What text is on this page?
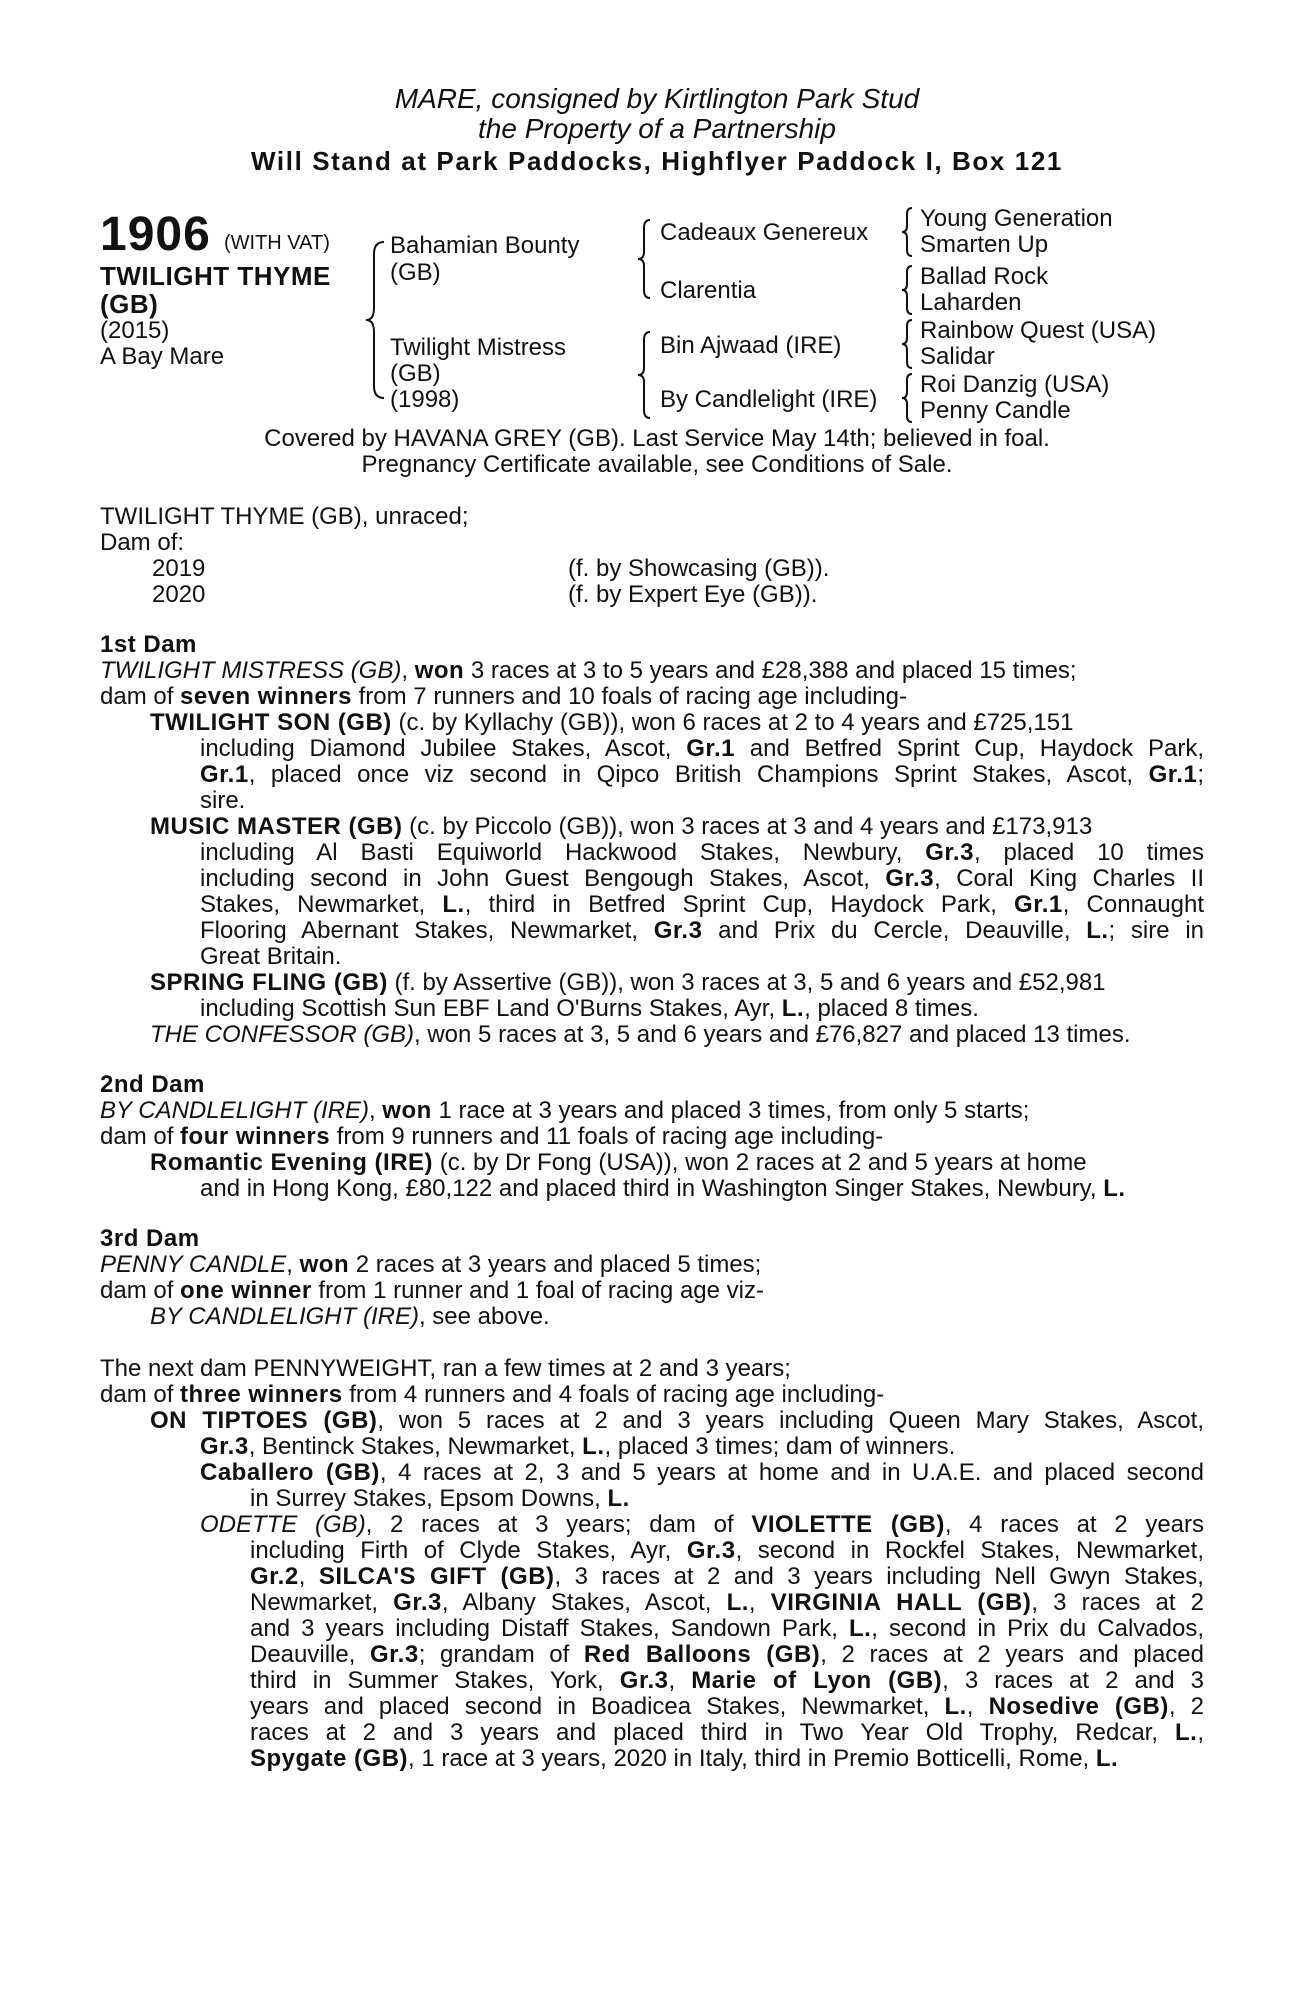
MARE, consigned by Kirtlington Park Stud
the Property of a Partnership
Will Stand at Park Paddocks, Highflyer Paddock I, Box 121
1906 (WITH VAT)
TWILIGHT THYME (GB)
(2015)
A Bay Mare
Bahamian Bounty
(GB)
Twilight Mistress
(GB)
(1998)
Cadeaux Genereux
Clarentia
Bin Ajwaad (IRE)
By Candlelight (IRE)
Young Generation
Smarten Up
Ballad Rock
Laharden
Rainbow Quest (USA)
Salidar
Roi Danzig (USA)
Penny Candle
Covered by HAVANA GREY (GB). Last Service May 14th; believed in foal.
Pregnancy Certificate available, see Conditions of Sale.
TWILIGHT THYME (GB), unraced;
Dam of:
2019	(f. by Showcasing (GB)).
2020	(f. by Expert Eye (GB)).
1st Dam
TWILIGHT MISTRESS (GB), won 3 races at 3 to 5 years and £28,388 and placed 15 times;
dam of seven winners from 7 runners and 10 foals of racing age including-
TWILIGHT SON (GB) (c. by Kyllachy (GB)), won 6 races at 2 to 4 years and £725,151
including Diamond Jubilee Stakes, Ascot, Gr.1 and Betfred Sprint Cup, Haydock Park,
Gr.1, placed once viz second in Qipco British Champions Sprint Stakes, Ascot, Gr.1;
sire.
MUSIC MASTER (GB) (c. by Piccolo (GB)), won 3 races at 3 and 4 years and £173,913
including Al Basti Equiworld Hackwood Stakes, Newbury, Gr.3, placed 10 times
including second in John Guest Bengough Stakes, Ascot, Gr.3, Coral King Charles II
Stakes, Newmarket, L., third in Betfred Sprint Cup, Haydock Park, Gr.1, Connaught
Flooring Abernant Stakes, Newmarket, Gr.3 and Prix du Cercle, Deauville, L.; sire in
Great Britain.
SPRING FLING (GB) (f. by Assertive (GB)), won 3 races at 3, 5 and 6 years and £52,981
including Scottish Sun EBF Land O'Burns Stakes, Ayr, L., placed 8 times.
THE CONFESSOR (GB), won 5 races at 3, 5 and 6 years and £76,827 and placed 13 times.
2nd Dam
BY CANDLELIGHT (IRE), won 1 race at 3 years and placed 3 times, from only 5 starts;
dam of four winners from 9 runners and 11 foals of racing age including-
Romantic Evening (IRE) (c. by Dr Fong (USA)), won 2 races at 2 and 5 years at home
and in Hong Kong, £80,122 and placed third in Washington Singer Stakes, Newbury, L.
3rd Dam
PENNY CANDLE, won 2 races at 3 years and placed 5 times;
dam of one winner from 1 runner and 1 foal of racing age viz-
BY CANDLELIGHT (IRE), see above.
The next dam PENNYWEIGHT, ran a few times at 2 and 3 years;
dam of three winners from 4 runners and 4 foals of racing age including-
ON TIPTOES (GB), won 5 races at 2 and 3 years including Queen Mary Stakes, Ascot,
Gr.3, Bentinck Stakes, Newmarket, L., placed 3 times; dam of winners.
Caballero (GB), 4 races at 2, 3 and 5 years at home and in U.A.E. and placed second
in Surrey Stakes, Epsom Downs, L.
ODETTE (GB), 2 races at 3 years; dam of VIOLETTE (GB), 4 races at 2 years
including Firth of Clyde Stakes, Ayr, Gr.3, second in Rockfel Stakes, Newmarket,
Gr.2, SILCA'S GIFT (GB), 3 races at 2 and 3 years including Nell Gwyn Stakes,
Newmarket, Gr.3, Albany Stakes, Ascot, L., VIRGINIA HALL (GB), 3 races at 2
and 3 years including Distaff Stakes, Sandown Park, L., second in Prix du Calvados,
Deauville, Gr.3; grandam of Red Balloons (GB), 2 races at 2 years and placed
third in Summer Stakes, York, Gr.3, Marie of Lyon (GB), 3 races at 2 and 3
years and placed second in Boadicea Stakes, Newmarket, L., Nosedive (GB), 2
races at 2 and 3 years and placed third in Two Year Old Trophy, Redcar, L.,
Spygate (GB), 1 race at 3 years, 2020 in Italy, third in Premio Botticelli, Rome, L.
